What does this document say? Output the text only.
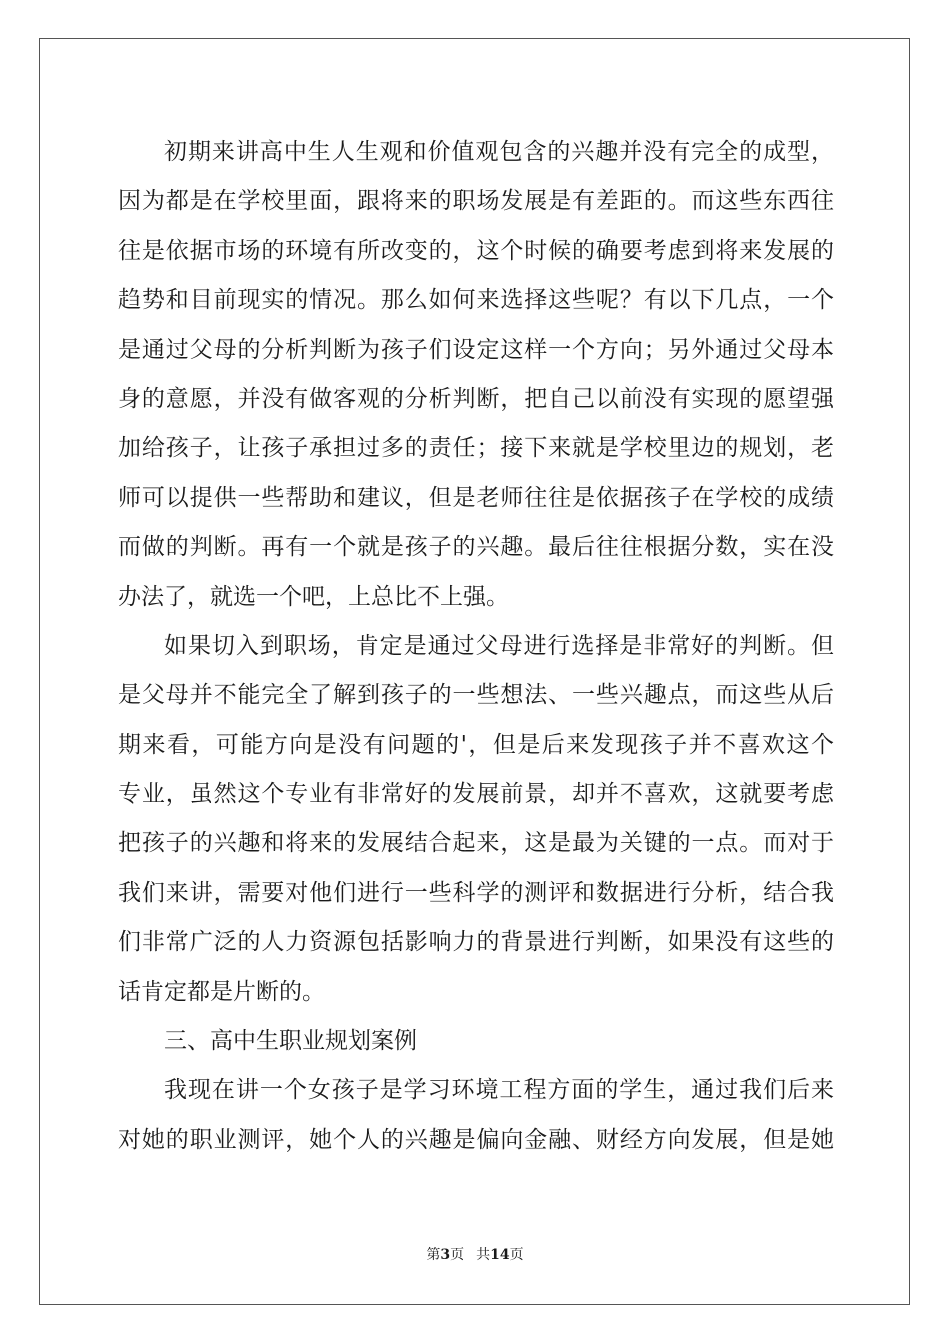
初期来讲高中生人生观和价值观包含的兴趣并没有完全的成型，
因为都是在学校里面，跟将来的职场发展是有差距的。而这些东西往
往是依据市场的环境有所改变的，这个时候的确要考虑到将来发展的
趋势和目前现实的情况。那么如何来选择这些呢？有以下几点，一个
是通过父母的分析判断为孩子们设定这样一个方向；另外通过父母本
身的意愿，并没有做客观的分析判断，把自己以前没有实现的愿望强
加给孩子，让孩子承担过多的责任；接下来就是学校里边的规划，老
师可以提供一些帮助和建议，但是老师往往是依据孩子在学校的成绩
而做的判断。再有一个就是孩子的兴趣。最后往往根据分数，实在没
办法了，就选一个吧，上总比不上强。
如果切入到职场，肯定是通过父母进行选择是非常好的判断。但
是父母并不能完全了解到孩子的一些想法、一些兴趣点，而这些从后
期来看，可能方向是没有问题的'，但是后来发现孩子并不喜欢这个
专业，虽然这个专业有非常好的发展前景，却并不喜欢，这就要考虑
把孩子的兴趣和将来的发展结合起来，这是最为关键的一点。而对于
我们来讲，需要对他们进行一些科学的测评和数据进行分析，结合我
们非常广泛的人力资源包括影响力的背景进行判断，如果没有这些的
话肯定都是片断的。
三、高中生职业规划案例
我现在讲一个女孩子是学习环境工程方面的学生，通过我们后来
对她的职业测评，她个人的兴趣是偏向金融、财经方向发展，但是她
第3页 共14页
